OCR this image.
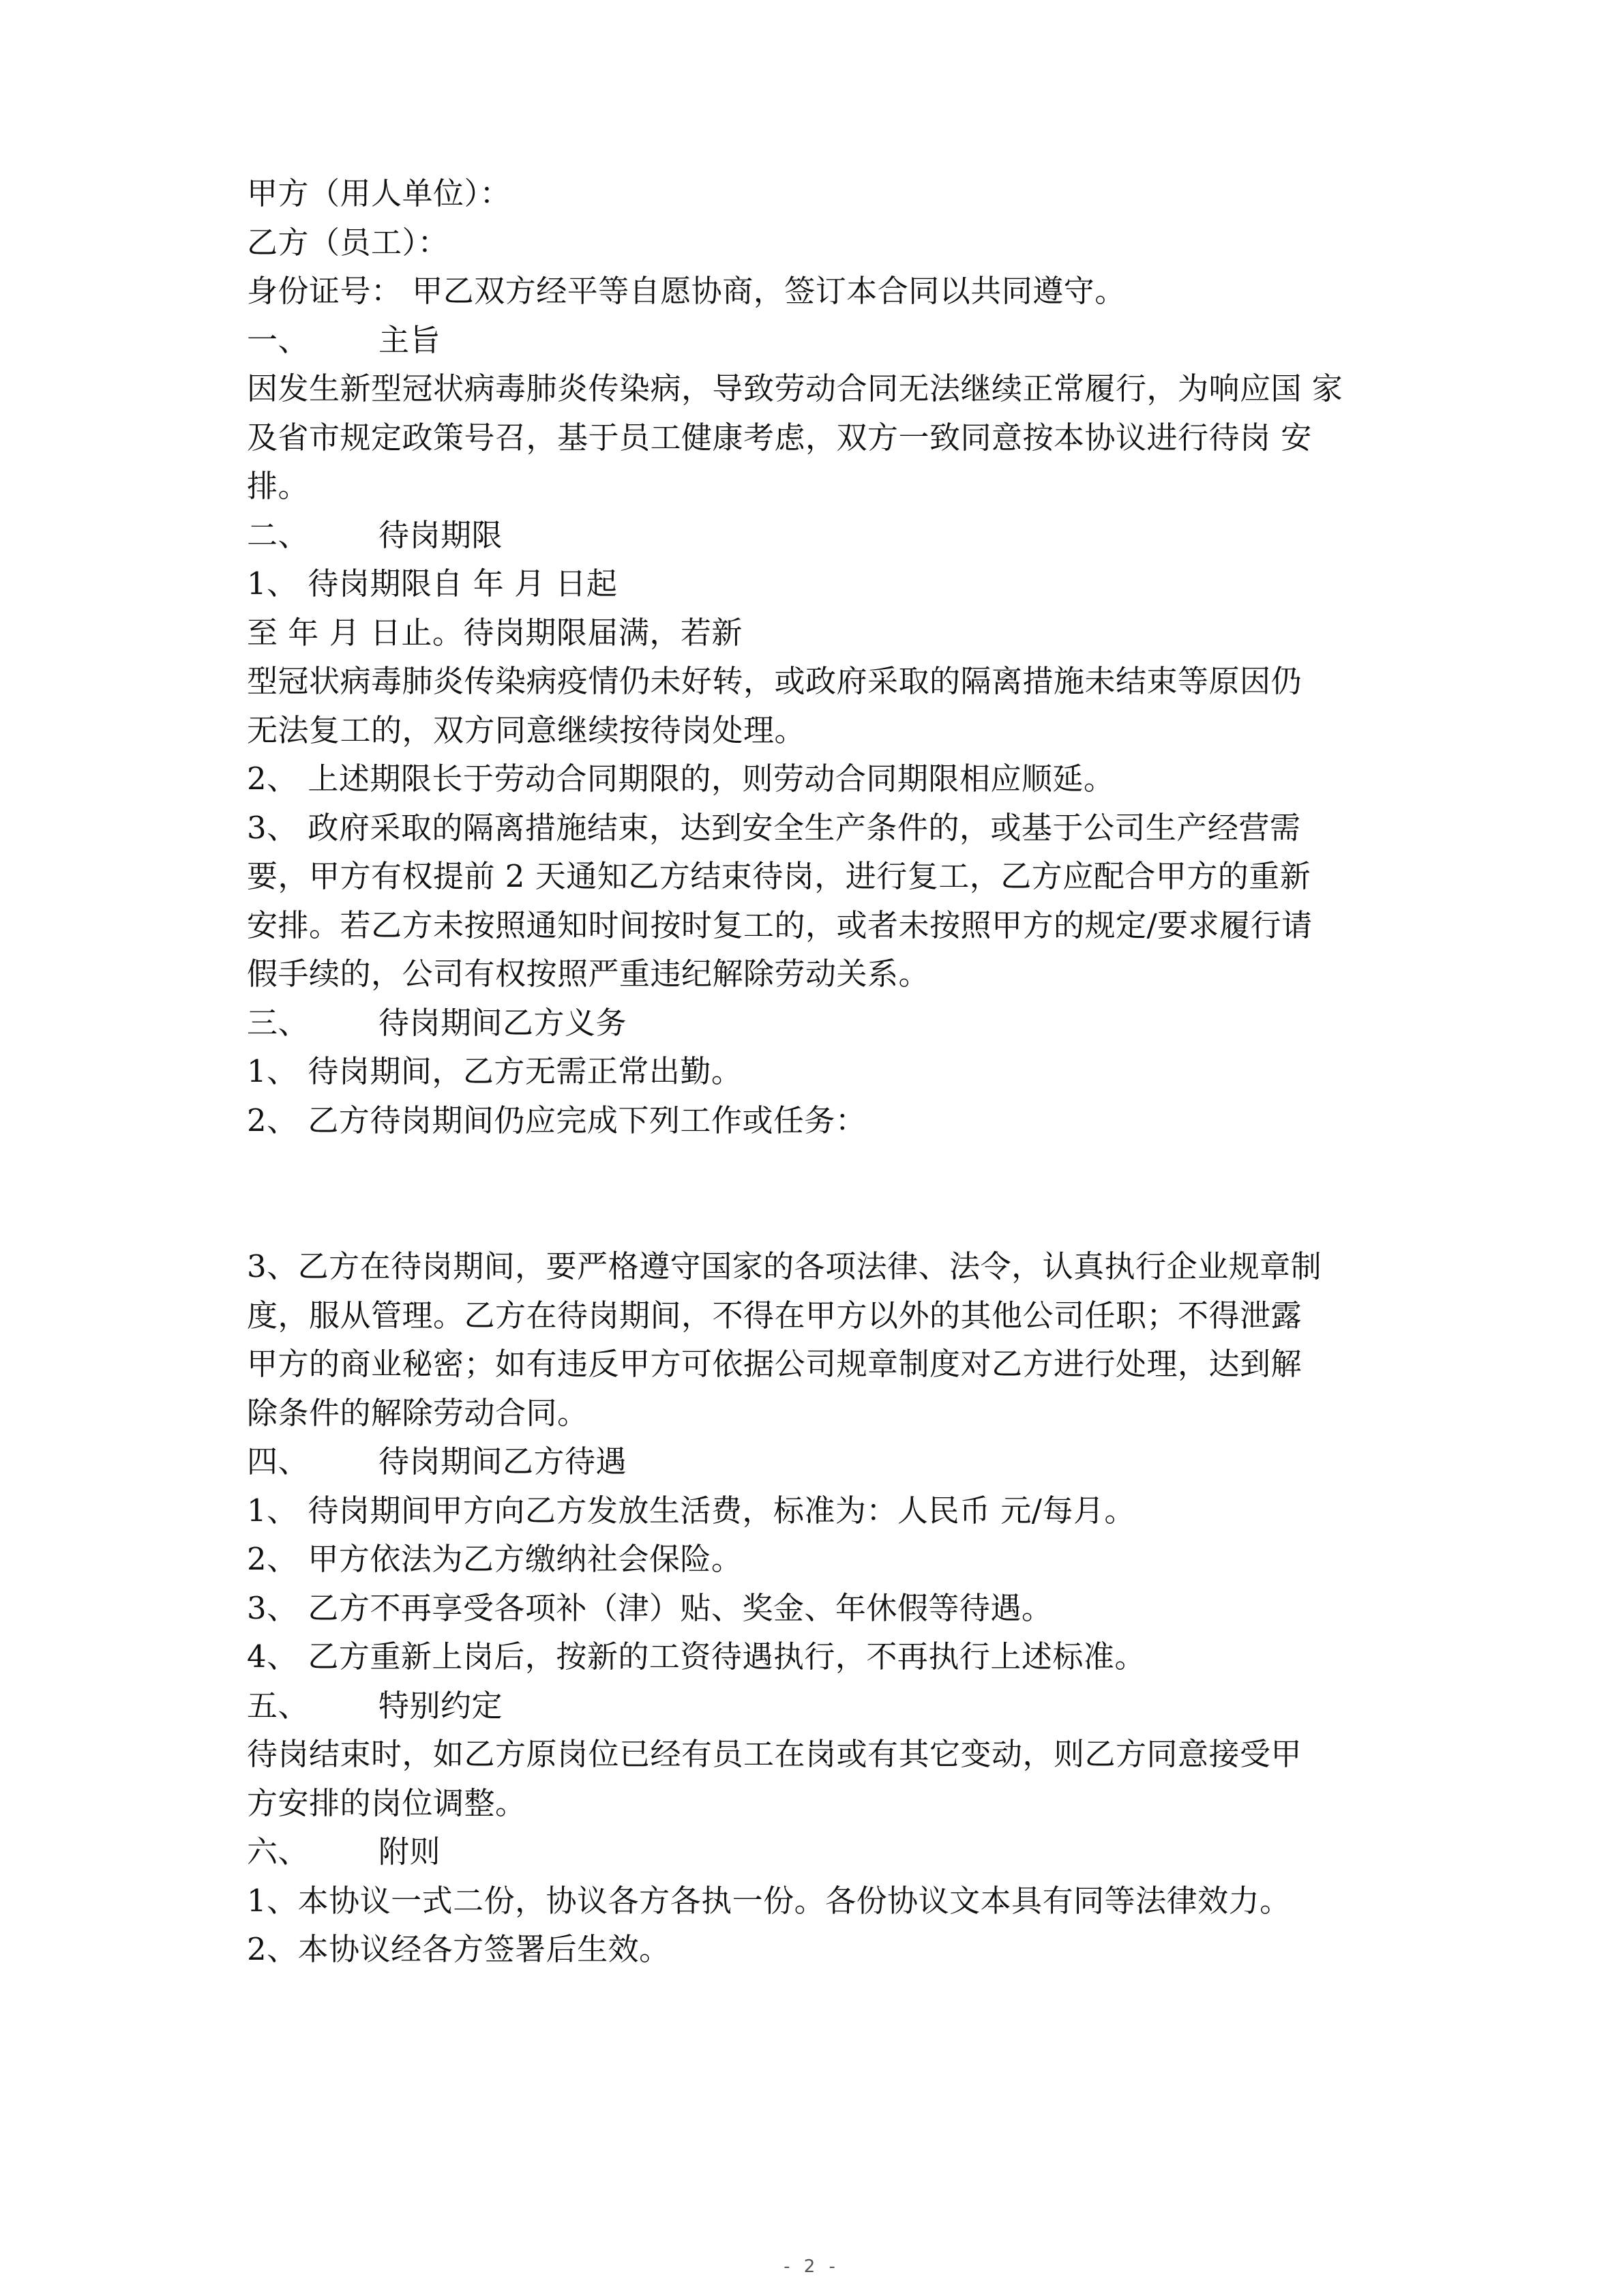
甲方（用人单位）：
乙方（员工）：
身份证号： 甲乙双方经平等自愿协商，签订本合同以共同遵守。
一、 主旨
因发生新型冠状病毒肺炎传染病，导致劳动合同无法继续正常履行，为响应国 家
及省市规定政策号召，基于员工健康考虑，双方一致同意按本协议进行待岗 安
排。
二、 待岗期限
1、 待岗期限自 年 月 日起
至 年 月 日止。待岗期限届满，若新
型冠状病毒肺炎传染病疫情仍未好转，或政府采取的隔离措施未结束等原因仍
无法复工的，双方同意继续按待岗处理。
2、 上述期限长于劳动合同期限的，则劳动合同期限相应顺延。
3、 政府采取的隔离措施结束，达到安全生产条件的，或基于公司生产经营需
要，甲方有权提前 2 天通知乙方结束待岗，进行复工，乙方应配合甲方的重新
安排。若乙方未按照通知时间按时复工的，或者未按照甲方的规定/要求履行请
假手续的，公司有权按照严重违纪解除劳动关系。
三、 待岗期间乙方义务
1、 待岗期间，乙方无需正常出勤。
2、 乙方待岗期间仍应完成下列工作或任务：
3、乙方在待岗期间，要严格遵守国家的各项法律、法令，认真执行企业规章制
度，服从管理。乙方在待岗期间，不得在甲方以外的其他公司任职；不得泄露
甲方的商业秘密；如有违反甲方可依据公司规章制度对乙方进行处理，达到解
除条件的解除劳动合同。
四、 待岗期间乙方待遇
1、 待岗期间甲方向乙方发放生活费，标准为：人民币 元/每月。
2、 甲方依法为乙方缴纳社会保险。
3、 乙方不再享受各项补（津）贴、奖金、年休假等待遇。
4、 乙方重新上岗后，按新的工资待遇执行，不再执行上述标准。
五、 特别约定
待岗结束时，如乙方原岗位已经有员工在岗或有其它变动，则乙方同意接受甲
方安排的岗位调整。
六、 附则
1、本协议一式二份，协议各方各执一份。各份协议文本具有同等法律效力。
2、本协议经各方签署后生效。
- 2 -
